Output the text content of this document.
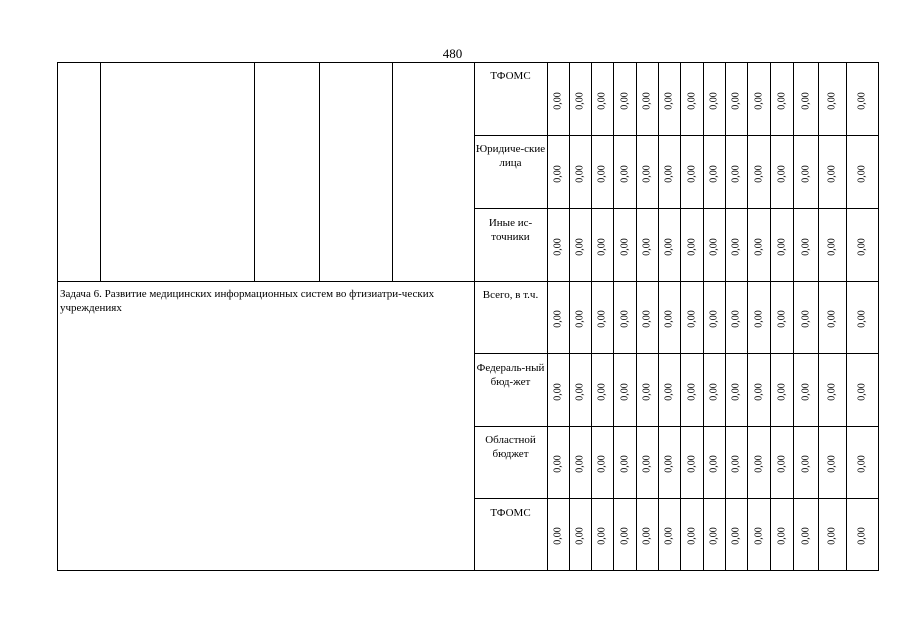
480
Задача 6. Развитие медицинских информационных систем во фтизиатри-ческих учреждениях
ТФОМС
Юридиче-ские лица
Иные ис-точники
Всего, в т.ч.
Федераль-ный бюд-жет
Областной бюджет
ТФОМС
0,00 0,00 0,00 0,00 0,00 0,00 0,00 0,00 0,00 0,00 0,00 0,00 0,00 0,00
0,00 0,00 0,00 0,00 0,00 0,00 0,00 0,00 0,00 0,00 0,00 0,00 0,00 0,00
0,00 0,00 0,00 0,00 0,00 0,00 0,00 0,00 0,00 0,00 0,00 0,00 0,00 0,00
0,00 0,00 0,00 0,00 0,00 0,00 0,00 0,00 0,00 0,00 0,00 0,00 0,00 0,00
0,00 0,00 0,00 0,00 0,00 0,00 0,00 0,00 0,00 0,00 0,00 0,00 0,00 0,00
0,00 0,00 0,00 0,00 0,00 0,00 0,00 0,00 0,00 0,00 0,00 0,00 0,00 0,00
0,00 0,00 0,00 0,00 0,00 0,00 0,00 0,00 0,00 0,00 0,00 0,00 0,00 0,00
